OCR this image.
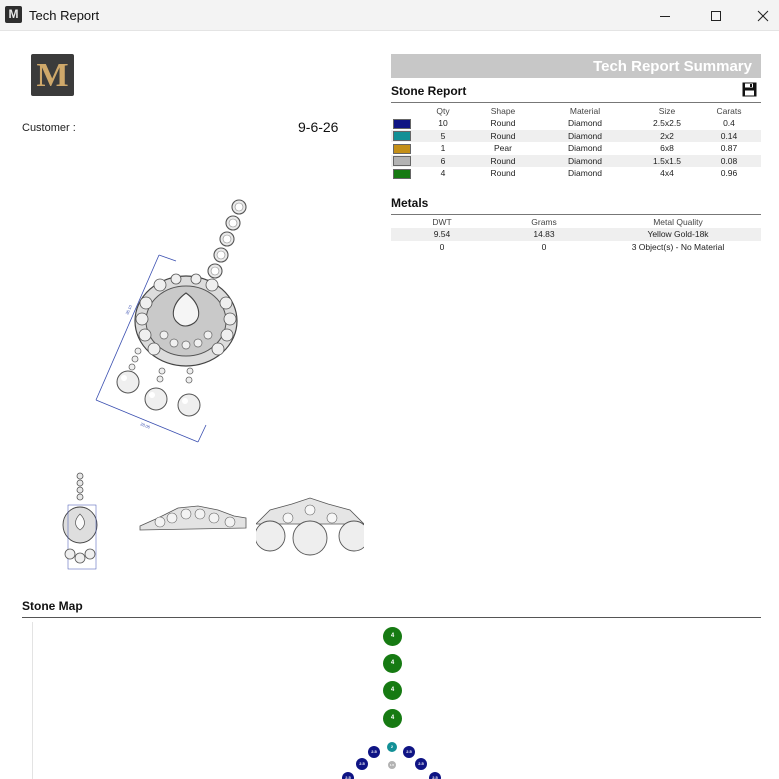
M Tech Report
M
Customer :	9-6-26
36.10
28.06
Tech Report Summary
Stone Report
	Qty	Shape	Material	Size	Carats
	10	Round	Diamond	2.5x2.5	0.4
	5	Round	Diamond	2x2	0.14
	1	Pear	Diamond	6x8	0.87
	6	Round	Diamond	1.5x1.5	0.08
	4	Round	Diamond	4x4	0.96
Metals
DWT	Grams	Metal Quality
9.54	14.83	Yellow Gold-18k
0	0	3 Object(s) - No Material
Stone Map
4
4
4
4
2
1.5
2.5	2.5
2.5	2.5
2.5	2.5
